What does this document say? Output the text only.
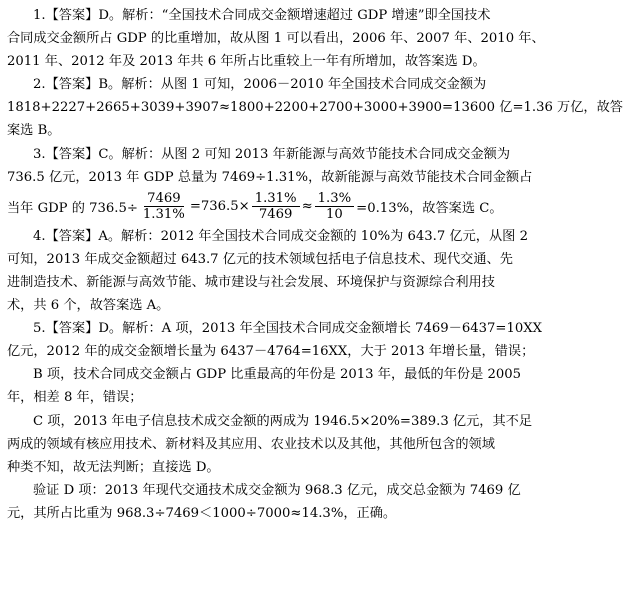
1.【答案】D。解析：“全国技术合同成交金额增速超过 GDP 增速”即全国技术
合同成交金额所占 GDP 的比重增加，故从图 1 可以看出，2006 年、2007 年、2010 年、
2011 年、2012 年及 2013 年共 6 年所占比重较上一年有所增加，故答案选 D。
2.【答案】B。解析：从图 1 可知，2006－2010 年全国技术合同成交金额为
1818+2227+2665+3039+3907≈1800+2200+2700+3000+3900=13600 亿=1.36 万亿，故答
案选 B。
3.【答案】C。解析：从图 2 可知 2013 年新能源与高效节能技术合同成交金额为
736.5 亿元，2013 年 GDP 总量为 7469÷1.31%，故新能源与高效节能技术合同金额占
当年 GDP 的 $736.5\div \frac{7469}{1.31\%} =736.5\times \frac{1.31\%}{7469} \approx \frac{1.3\%}{10} =0.13\%$，故答案选 C。
4.【答案】A。解析：2012 年全国技术合同成交金额的 10%为 643.7 亿元，从图 2
可知，2013 年成交金额超过 643.7 亿元的技术领域包括电子信息技术、现代交通、先
进制造技术、新能源与高效节能、城市建设与社会发展、环境保护与资源综合利用技
术，共 6 个，故答案选 A。
5.【答案】D。解析：A 项，2013 年全国技术合同成交金额增长 7469－6437=10XX
亿元，2012 年的成交金额增长量为 6437－4764=16XX，大于 2013 年增长量，错误；
B 项，技术合同成交金额占 GDP 比重最高的年份是 2013 年，最低的年份是 2005
年，相差 8 年，错误；
C 项，2013 年电子信息技术成交金额的两成为 1946.5×20%=389.3 亿元，其不足
两成的领域有核应用技术、新材料及其应用、农业技术以及其他，其他所包含的领域
种类不知，故无法判断；直接选 D。
验证 D 项：2013 年现代交通技术成交金额为 968.3 亿元，成交总金额为 7469 亿
元，其所占比重为 968.3÷7469＜1000÷7000≈14.3%，正确。
